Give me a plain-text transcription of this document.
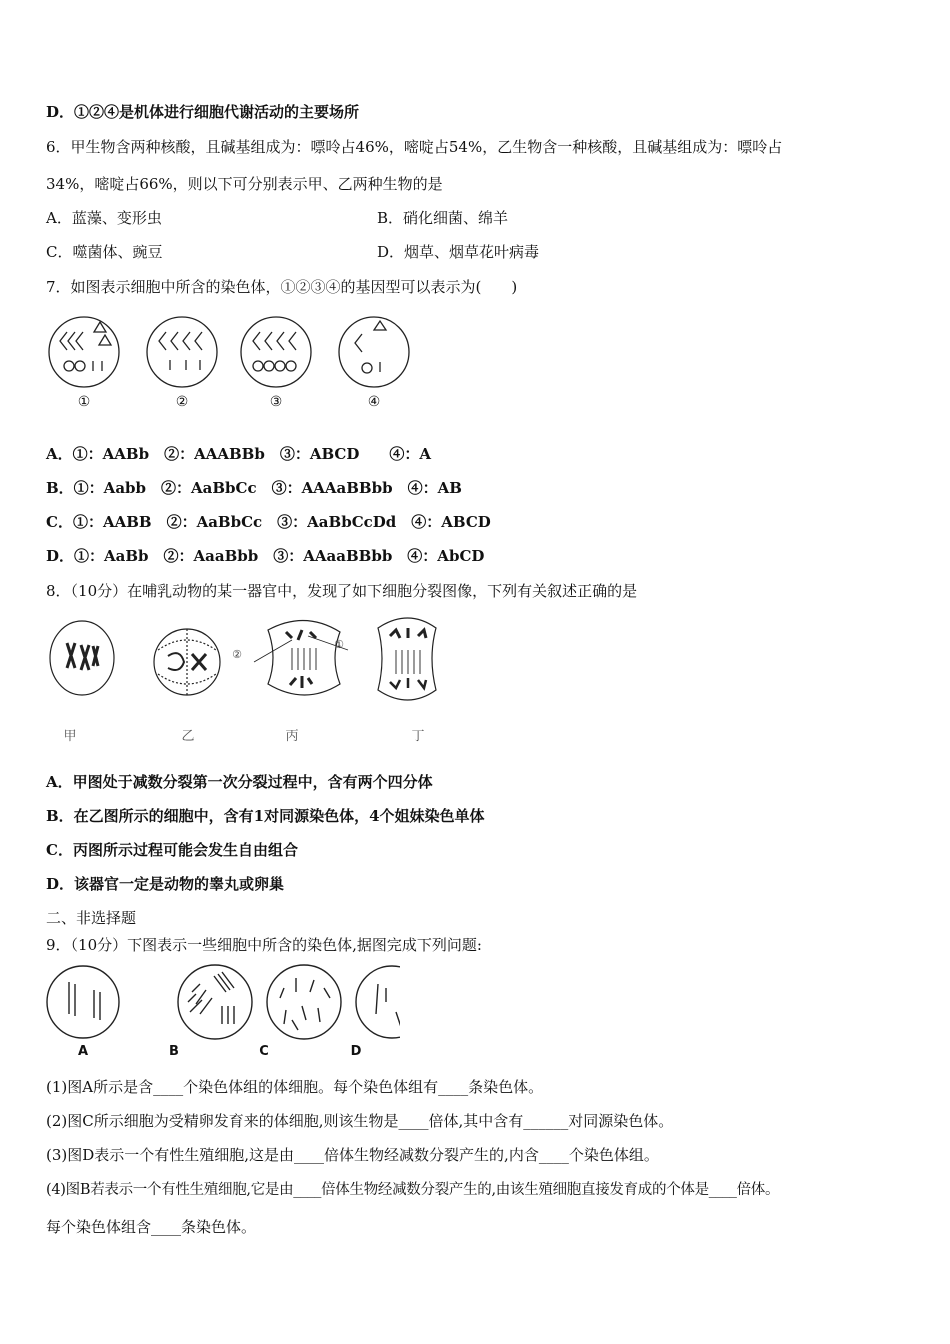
D．①②④是机体进行细胞代谢活动的主要场所
6．甲生物含两种核酸，且碱基组成为：嘌呤占46%，嘧啶占54%，乙生物含一种核酸，且碱基组成为：嘌呤占
34%，嘧啶占66%，则以下可分别表示甲、乙两种生物的是
A．蓝藻、变形虫	B．硝化细菌、绵羊
C．噬菌体、豌豆	D．烟草、烟草花叶病毒
7．如图表示细胞中所含的染色体，①②③④的基因型可以表示为(　　)
①	②	③	④
A．①：AABb　②：AAABBb　③：ABCD　　④：A
B．①：Aabb　②：AaBbCc　③：AAAaBBbb　④：AB
C．①：AABB　②：AaBbCc　③：AaBbCcDd　④：ABCD
D．①：AaBb　②：AaaBbb　③：AAaaBBbb　④：AbCD
8．（10分）在哺乳动物的某一器官中，发现了如下细胞分裂图像，下列有关叙述正确的是
②
①
甲	乙	丙	丁
A．甲图处于减数分裂第一次分裂过程中，含有两个四分体
B．在乙图所示的细胞中，含有1对同源染色体，4个姐妹染色单体
C．丙图所示过程可能会发生自由组合
D．该器官一定是动物的睾丸或卵巢
二、非选择题
9．（10分）下图表示一些细胞中所含的染色体,据图完成下列问题:
A	B	C	D
(1)图A所示是含____个染色体组的体细胞。每个染色体组有____条染色体。
(2)图C所示细胞为受精卵发育来的体细胞,则该生物是____倍体,其中含有______对同源染色体。
(3)图D表示一个有性生殖细胞,这是由____倍体生物经减数分裂产生的,内含____个染色体组。
(4)图B若表示一个有性生殖细胞,它是由____倍体生物经减数分裂产生的,由该生殖细胞直接发育成的个体是____倍体。
每个染色体组含____条染色体。
